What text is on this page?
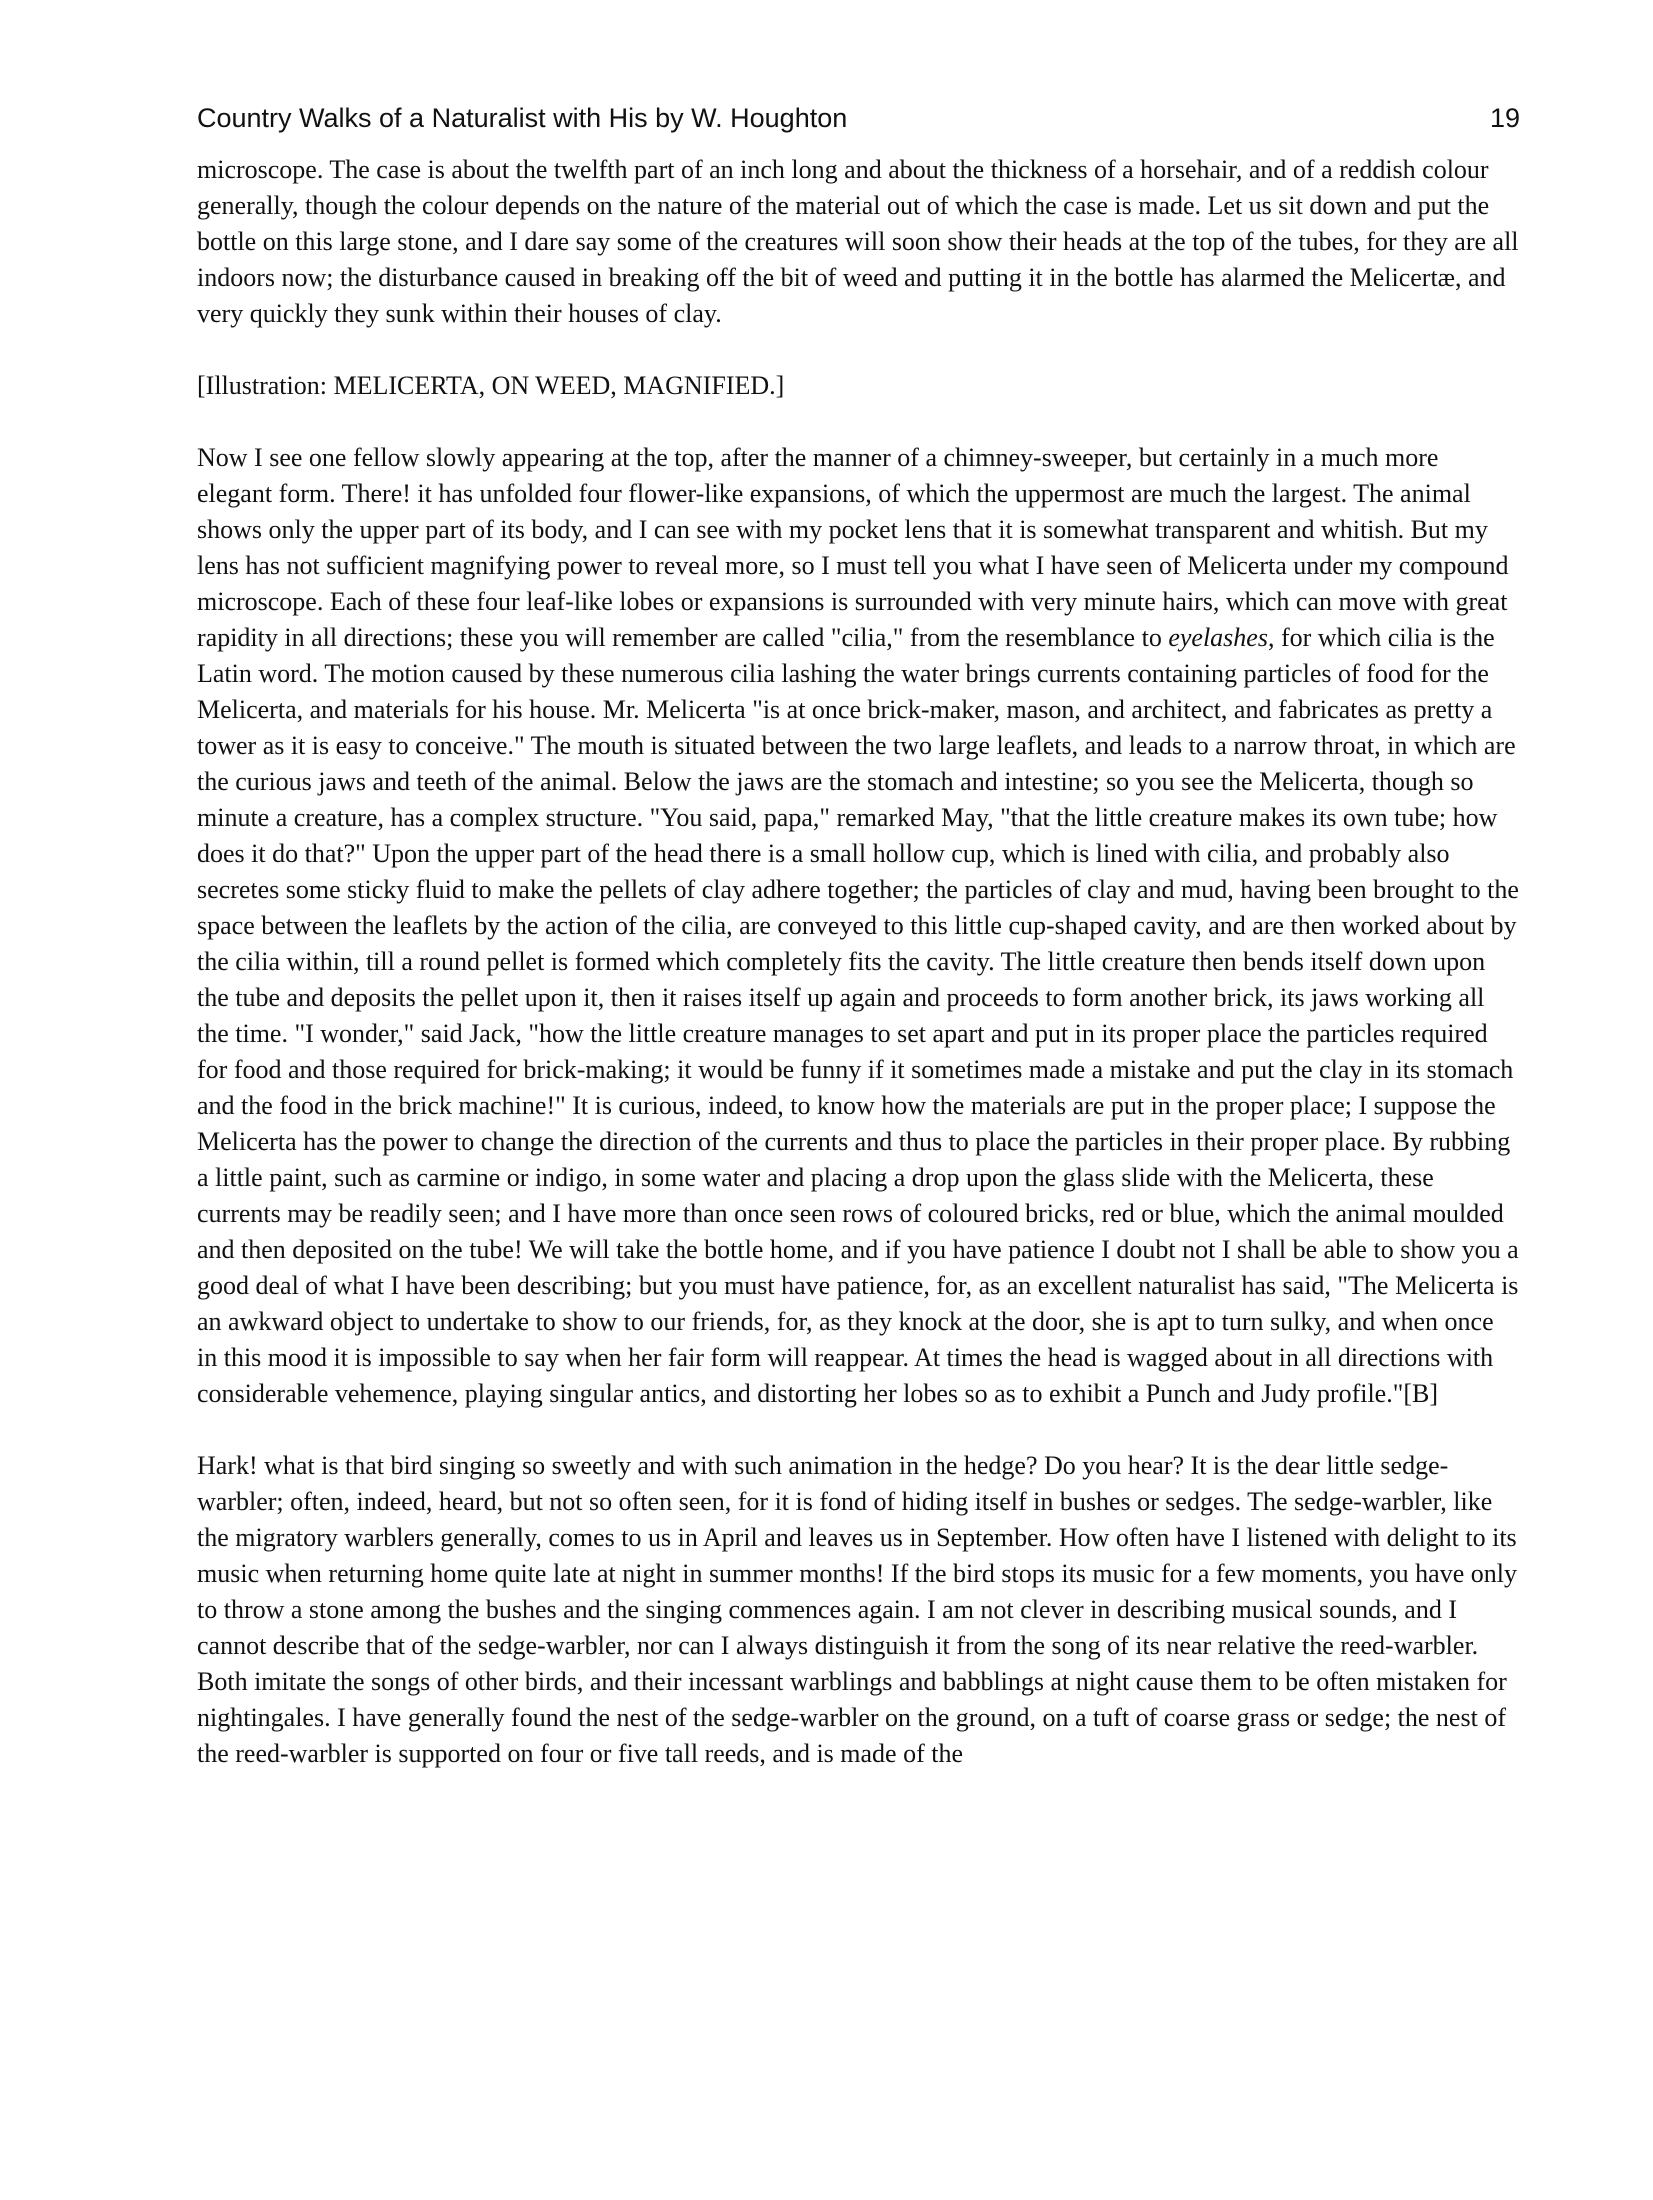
Country Walks of a Naturalist with His by W. Houghton	19

microscope. The case is about the twelfth part of an inch long and about the thickness of a horsehair, and of a reddish colour generally, though the colour depends on the nature of the material out of which the case is made. Let us sit down and put the bottle on this large stone, and I dare say some of the creatures will soon show their heads at the top of the tubes, for they are all indoors now; the disturbance caused in breaking off the bit of weed and putting it in the bottle has alarmed the Melicertæ, and very quickly they sunk within their houses of clay.

[Illustration: MELICERTA, ON WEED, MAGNIFIED.]

Now I see one fellow slowly appearing at the top, after the manner of a chimney-sweeper, but certainly in a much more elegant form. There! it has unfolded four flower-like expansions, of which the uppermost are much the largest. The animal shows only the upper part of its body, and I can see with my pocket lens that it is somewhat transparent and whitish. But my lens has not sufficient magnifying power to reveal more, so I must tell you what I have seen of Melicerta under my compound microscope. Each of these four leaf-like lobes or expansions is surrounded with very minute hairs, which can move with great rapidity in all directions; these you will remember are called "cilia," from the resemblance to eyelashes, for which cilia is the Latin word. The motion caused by these numerous cilia lashing the water brings currents containing particles of food for the Melicerta, and materials for his house. Mr. Melicerta "is at once brick-maker, mason, and architect, and fabricates as pretty a tower as it is easy to conceive." The mouth is situated between the two large leaflets, and leads to a narrow throat, in which are the curious jaws and teeth of the animal. Below the jaws are the stomach and intestine; so you see the Melicerta, though so minute a creature, has a complex structure. "You said, papa," remarked May, "that the little creature makes its own tube; how does it do that?" Upon the upper part of the head there is a small hollow cup, which is lined with cilia, and probably also secretes some sticky fluid to make the pellets of clay adhere together; the particles of clay and mud, having been brought to the space between the leaflets by the action of the cilia, are conveyed to this little cup-shaped cavity, and are then worked about by the cilia within, till a round pellet is formed which completely fits the cavity. The little creature then bends itself down upon the tube and deposits the pellet upon it, then it raises itself up again and proceeds to form another brick, its jaws working all the time. "I wonder," said Jack, "how the little creature manages to set apart and put in its proper place the particles required for food and those required for brick-making; it would be funny if it sometimes made a mistake and put the clay in its stomach and the food in the brick machine!" It is curious, indeed, to know how the materials are put in the proper place; I suppose the Melicerta has the power to change the direction of the currents and thus to place the particles in their proper place. By rubbing a little paint, such as carmine or indigo, in some water and placing a drop upon the glass slide with the Melicerta, these currents may be readily seen; and I have more than once seen rows of coloured bricks, red or blue, which the animal moulded and then deposited on the tube! We will take the bottle home, and if you have patience I doubt not I shall be able to show you a good deal of what I have been describing; but you must have patience, for, as an excellent naturalist has said, "The Melicerta is an awkward object to undertake to show to our friends, for, as they knock at the door, she is apt to turn sulky, and when once in this mood it is impossible to say when her fair form will reappear. At times the head is wagged about in all directions with considerable vehemence, playing singular antics, and distorting her lobes so as to exhibit a Punch and Judy profile."[B]

Hark! what is that bird singing so sweetly and with such animation in the hedge? Do you hear? It is the dear little sedge-warbler; often, indeed, heard, but not so often seen, for it is fond of hiding itself in bushes or sedges. The sedge-warbler, like the migratory warblers generally, comes to us in April and leaves us in September. How often have I listened with delight to its music when returning home quite late at night in summer months! If the bird stops its music for a few moments, you have only to throw a stone among the bushes and the singing commences again. I am not clever in describing musical sounds, and I cannot describe that of the sedge-warbler, nor can I always distinguish it from the song of its near relative the reed-warbler. Both imitate the songs of other birds, and their incessant warblings and babblings at night cause them to be often mistaken for nightingales. I have generally found the nest of the sedge-warbler on the ground, on a tuft of coarse grass or sedge; the nest of the reed-warbler is supported on four or five tall reeds, and is made of the
